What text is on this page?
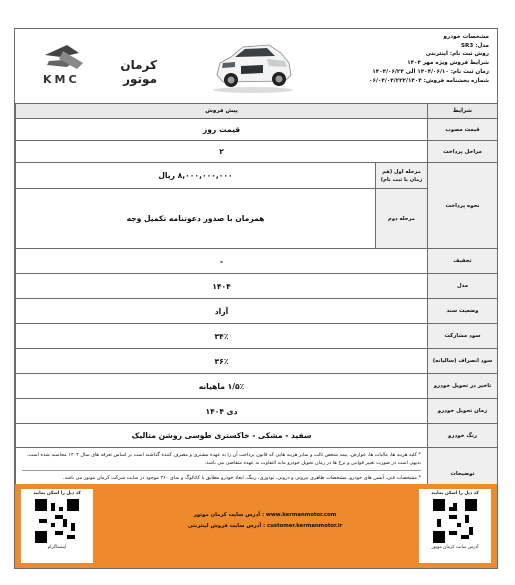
مشخصات خودرو
مدل: SR3
روش ثبت نام: اینترنتی
شرایط فروش ویژه مهر ۱۴۰۴
زمان ثبت نام: ۱۴۰۴/۰۶/۱۰ الی ۱۴۰۴/۰۶/۲۴
شماره بخشنامه فروش: ۰۶/۰۴/۰۴/۲۳۳/۱۴۰۴
KMC
کرمان موتور
پیش فروش		شرایط
قیمت روز		قیمت مصوب
۲		مراحل پرداخت
۸,۰۰۰,۰۰۰,۰۰۰ ریال	مرحله اول (هم زمان با ثبت نام)	نحوه پرداخت
همزمان با صدور دعوتنامه تکمیل وجه	مرحله دوم	
-		تخفیف
۱۴۰۴		مدل
آزاد		وضعیت سند
۳۴٪		سود مشارکت
۳۶٪		سود انصراف (سالیانه)
۱/۵٪ ماهیانه		تاخیر در تحویل خودرو
دی ۱۴۰۴		زمان تحویل خودرو
سفید - مشکی - خاکستری طوسی روشن متالیک		رنگ خودرو

* کلیه هزینه ها، مالیات ها، عوارض، بیمه شخص ثالث و سایر هزینه هایی که قانون پرداخت آن را به عهده مشتری و مصرف کننده گذاشته است بر اساس تعرفه های سال ۱۴۰۴ محاسبه شده است، بدیهی است در صورت تغییر قوانین و نرخ ها در زمان تحویل خودرو مابه التفاوت به عهده متقاضی می باشد.
* مشخصات فنی، آپشن های خودرو، مشخصات ظاهری بیرونی و درونی، تودوزی، رینگ، ابعاد خودرو مطابق با کاتالوگ و نمای ۳۶۰ موجود در سایت شرکت کرمان موتور می باشد.		توضیحات
کد ذیل را اسکن نمایید
اینستاگرام
www.kermanmotor.com : آدرس سایت کرمان موتور
customer.kermanmotor.ir : آدرس سایت فروش اینترنتی
کد ذیل را اسکن نمایید
آدرس سایت کرمان موتور
